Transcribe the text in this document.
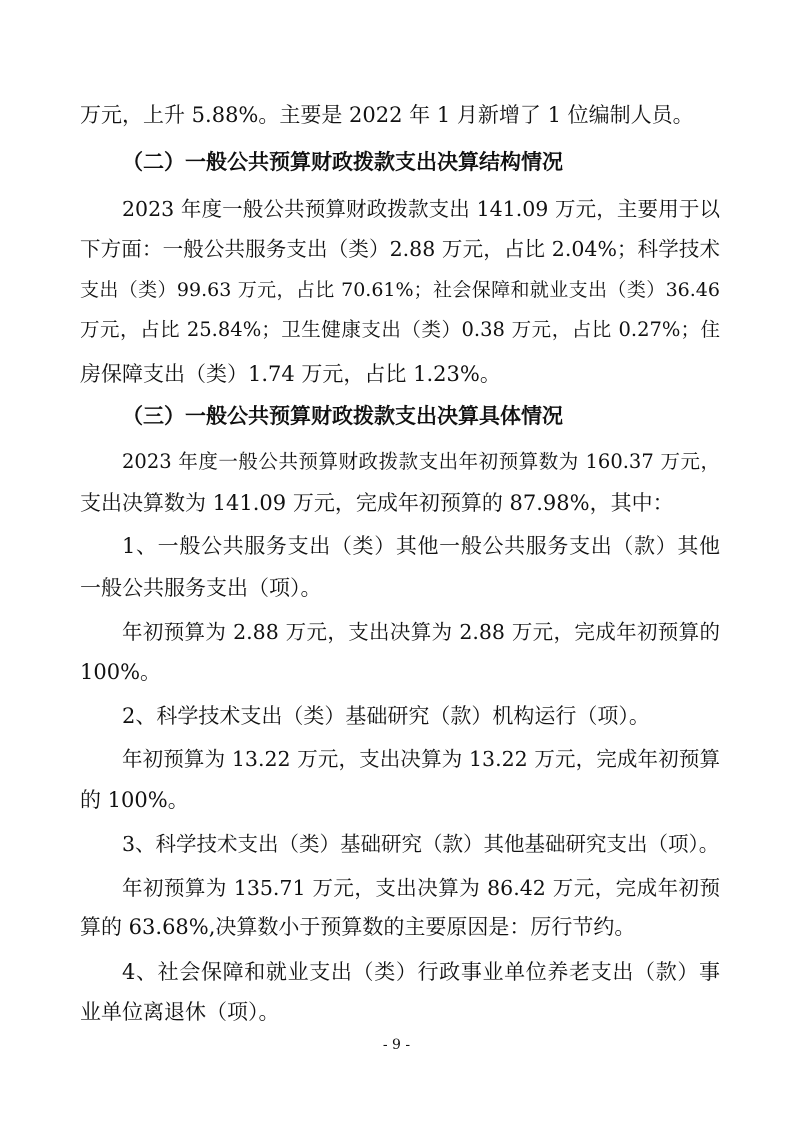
万元，上升 5.88%。主要是 2022 年 1 月新增了 1 位编制人员。
（二）一般公共预算财政拨款支出决算结构情况
2023 年度一般公共预算财政拨款支出 141.09 万元，主要用于以
下方面：一般公共服务支出（类）2.88 万元，占比 2.04%；科学技术
支出（类）99.63 万元，占比 70.61%；社会保障和就业支出（类）36.46
万元，占比 25.84%；卫生健康支出（类）0.38 万元，占比 0.27%；住
房保障支出（类）1.74 万元，占比 1.23%。
（三）一般公共预算财政拨款支出决算具体情况
2023 年度一般公共预算财政拨款支出年初预算数为 160.37 万元，
支出决算数为 141.09 万元，完成年初预算的 87.98%，其中：
1、一般公共服务支出（类）其他一般公共服务支出（款）其他
一般公共服务支出（项）。
年初预算为 2.88 万元，支出决算为 2.88 万元，完成年初预算的
100%。
2、科学技术支出（类）基础研究（款）机构运行（项）。
年初预算为 13.22 万元，支出决算为 13.22 万元，完成年初预算
的 100%。
3、科学技术支出（类）基础研究（款）其他基础研究支出（项）。
年初预算为 135.71 万元，支出决算为 86.42 万元，完成年初预
算的 63.68%,决算数小于预算数的主要原因是：厉行节约。
4、社会保障和就业支出（类）行政事业单位养老支出（款）事
业单位离退休（项）。
- 9 -
